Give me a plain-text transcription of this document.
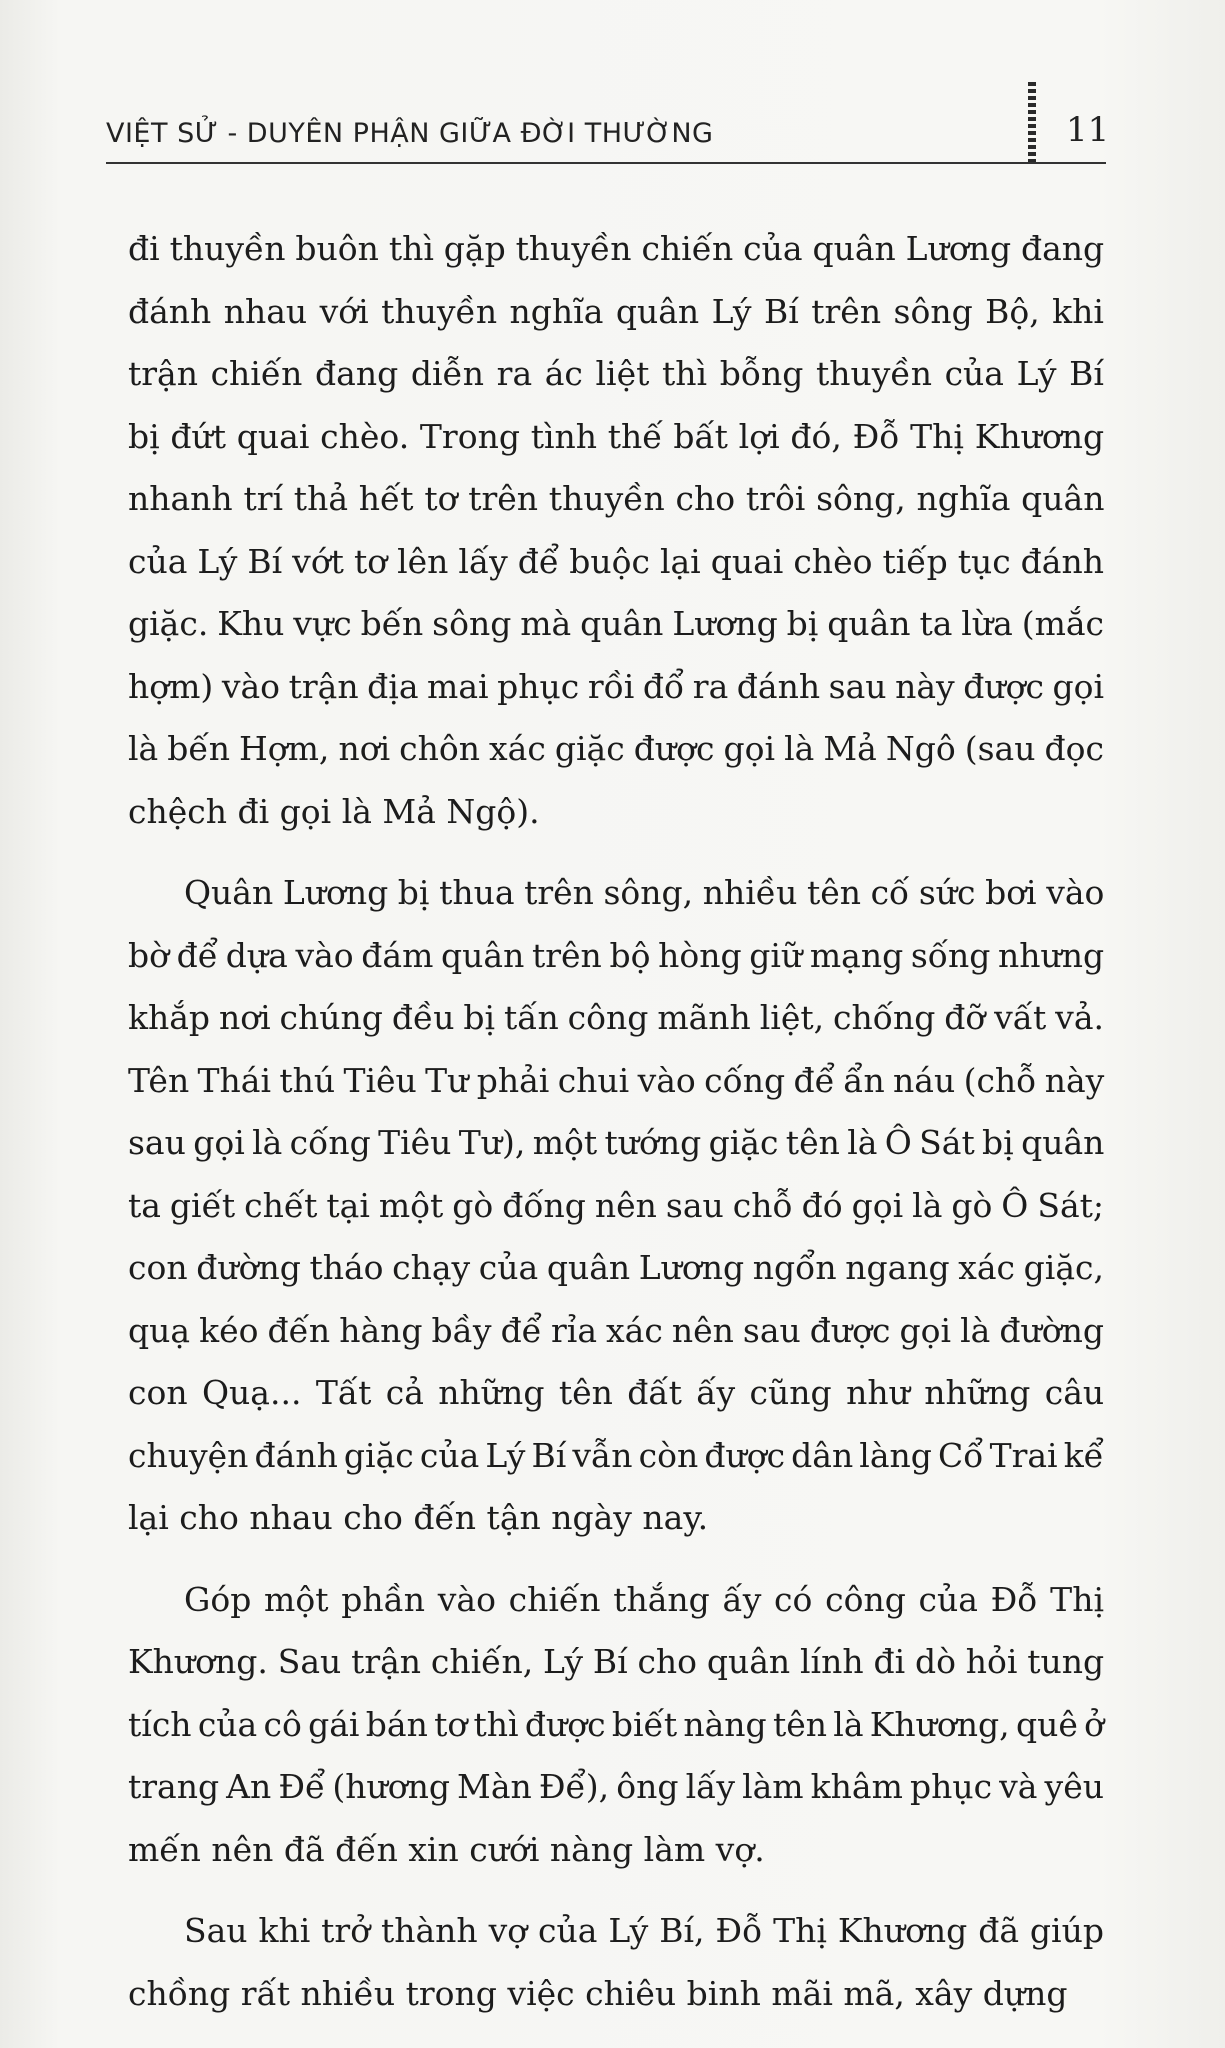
VIỆT SỬ - DUYÊN PHẬN GIỮA ĐỜI THƯỜNG	11
đi thuyền buôn thì gặp thuyền chiến của quân Lương đang
đánh nhau với thuyền nghĩa quân Lý Bí trên sông Bộ, khi
trận chiến đang diễn ra ác liệt thì bỗng thuyền của Lý Bí
bị đứt quai chèo. Trong tình thế bất lợi đó, Đỗ Thị Khương
nhanh trí thả hết tơ trên thuyền cho trôi sông, nghĩa quân
của Lý Bí vớt tơ lên lấy để buộc lại quai chèo tiếp tục đánh
giặc. Khu vực bến sông mà quân Lương bị quân ta lừa (mắc
hợm) vào trận địa mai phục rồi đổ ra đánh sau này được gọi
là bến Hợm, nơi chôn xác giặc được gọi là Mả Ngô (sau đọc
chệch đi gọi là Mả Ngộ).
Quân Lương bị thua trên sông, nhiều tên cố sức bơi vào
bờ để dựa vào đám quân trên bộ hòng giữ mạng sống nhưng
khắp nơi chúng đều bị tấn công mãnh liệt, chống đỡ vất vả.
Tên Thái thú Tiêu Tư phải chui vào cống để ẩn náu (chỗ này
sau gọi là cống Tiêu Tư), một tướng giặc tên là Ô Sát bị quân
ta giết chết tại một gò đống nên sau chỗ đó gọi là gò Ô Sát;
con đường tháo chạy của quân Lương ngổn ngang xác giặc,
quạ kéo đến hàng bầy để rỉa xác nên sau được gọi là đường
con Quạ... Tất cả những tên đất ấy cũng như những câu
chuyện đánh giặc của Lý Bí vẫn còn được dân làng Cổ Trai kể
lại cho nhau cho đến tận ngày nay.
Góp một phần vào chiến thắng ấy có công của Đỗ Thị
Khương. Sau trận chiến, Lý Bí cho quân lính đi dò hỏi tung
tích của cô gái bán tơ thì được biết nàng tên là Khương, quê ở
trang An Để (hương Màn Để), ông lấy làm khâm phục và yêu
mến nên đã đến xin cưới nàng làm vợ.
Sau khi trở thành vợ của Lý Bí, Đỗ Thị Khương đã giúp
chồng rất nhiều trong việc chiêu binh mãi mã, xây dựng
